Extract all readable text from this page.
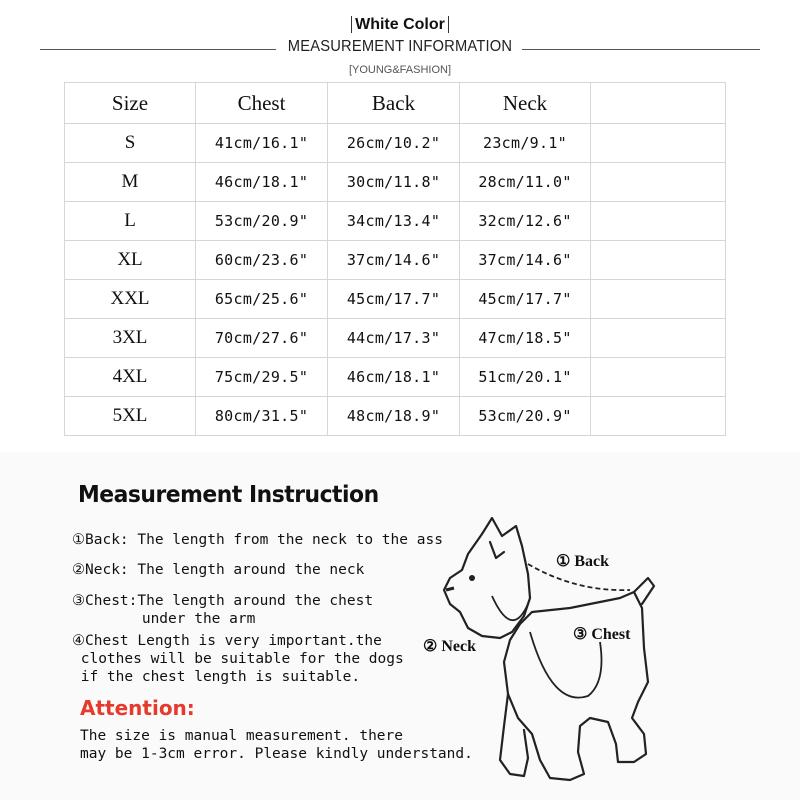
White Color
MEASUREMENT INFORMATION
[YOUNG&FASHION]
Size	Chest	Back	Neck	
S	41cm/16.1"	26cm/10.2"	23cm/9.1"	
M	46cm/18.1"	30cm/11.8"	28cm/11.0"	
L	53cm/20.9"	34cm/13.4"	32cm/12.6"	
XL	60cm/23.6"	37cm/14.6"	37cm/14.6"	
XXL	65cm/25.6"	45cm/17.7"	45cm/17.7"	
3XL	70cm/27.6"	44cm/17.3"	47cm/18.5"	
4XL	75cm/29.5"	46cm/18.1"	51cm/20.1"	
5XL	80cm/31.5"	48cm/18.9"	53cm/20.9"	
Measurement Instruction
①Back: The length from the neck to the ass
②Neck: The length around the neck
③Chest:The length around the chest
under the arm
④Chest Length is very important.the
clothes will be suitable for the dogs
if the chest length is suitable.
Attention:
The size is manual measurement. there
may be 1-3cm error. Please kindly understand.
① Back
② Neck
③ Chest
